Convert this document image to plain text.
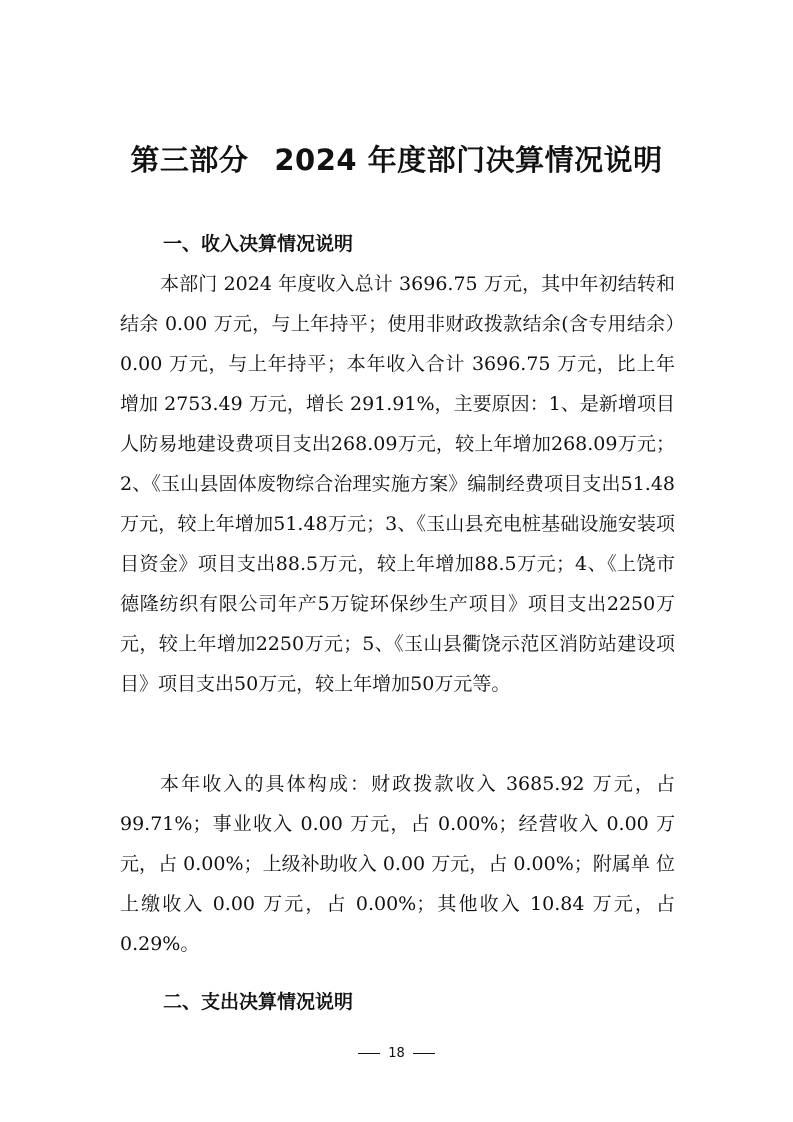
第三部分 2024 年度部门决算情况说明
一、收入决算情况说明

本部门 2024 年度收入总计 3696.75 万元，其中年初结转和结余 0.00 万元，与上年持平；使用非财政拨款结余(含专用结余）0.00 万元，与上年持平；本年收入合计 3696.75 万元，比上年增加 2753.49 万元，增长 291.91%，主要原因：1、是新增项目人防易地建设费项目支出268.09万元，较上年增加268.09万元；2、《玉山县固体废物综合治理实施方案》编制经费项目支出51.48万元，较上年增加51.48万元；3、《玉山县充电桩基础设施安装项目资金》项目支出88.5万元，较上年增加88.5万元；4、《上饶市德隆纺织有限公司年产5万锭环保纱生产项目》项目支出2250万元，较上年增加2250万元；5、《玉山县衢饶示范区消防站建设项目》项目支出50万元，较上年增加50万元等。

本年收入的具体构成：财政拨款收入 3685.92 万元，占 99.71%；事业收入 0.00 万元，占 0.00%；经营收入 0.00 万 元，占 0.00%；上级补助收入 0.00 万元，占 0.00%；附属单 位上缴收入 0.00 万元，占 0.00%；其他收入 10.84 万元，占 0.29%。

二、支出决算情况说明
18
